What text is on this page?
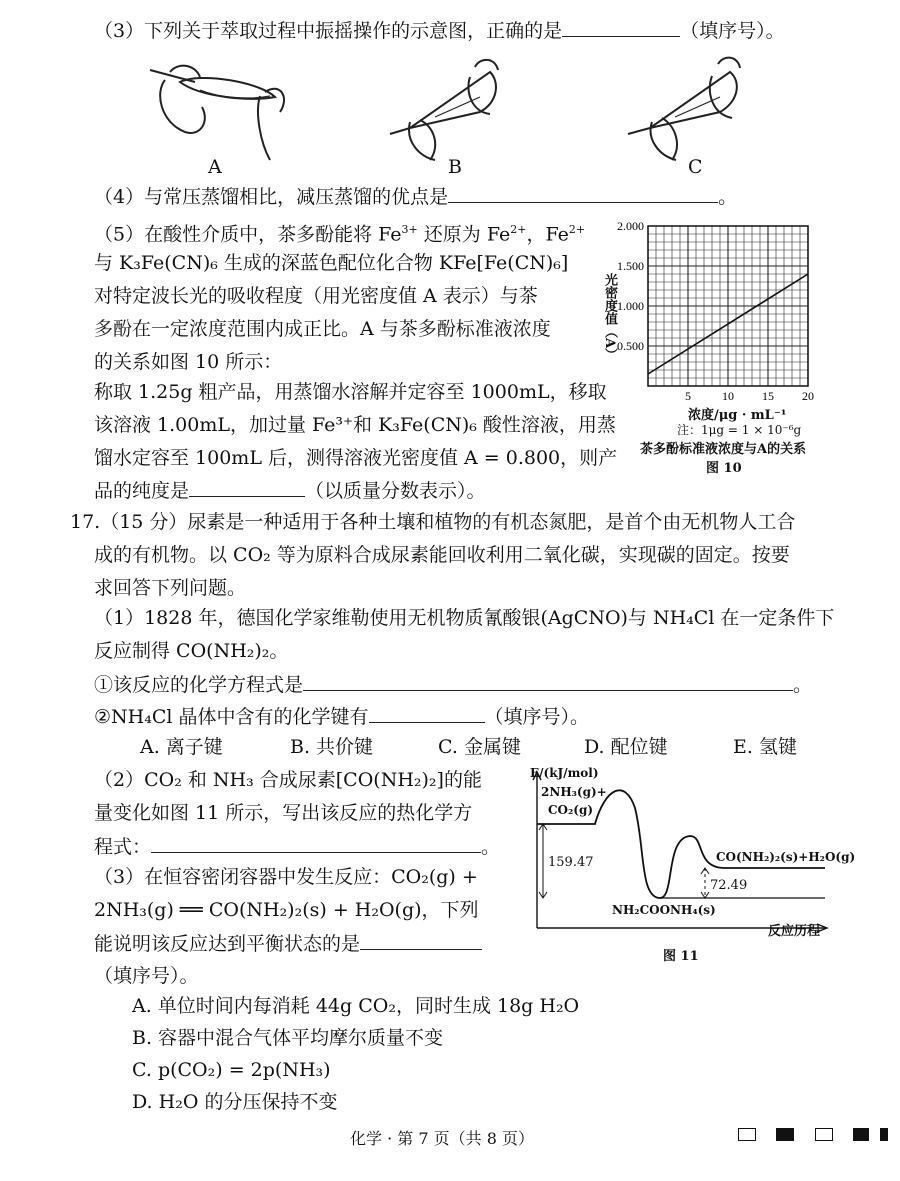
（3）下列关于萃取过程中振摇操作的示意图，正确的是	（填序号）。
A	B	C
（4）与常压蒸馏相比，减压蒸馏的优点是	。
（5）在酸性介质中，茶多酚能将 $Fe^{3+}$ 还原为 $Fe^{2+}$，$Fe^{2+}$
与 K₃Fe(CN)₆ 生成的深蓝色配位化合物 KFe[Fe(CN)₆]
对特定波长光的吸收程度（用光密度值 A 表示）与茶
多酚在一定浓度范围内成正比。A 与茶多酚标准液浓度
的关系如图 10 所示：
称取 1.25g 粗产品，用蒸馏水溶解并定容至 1000mL，移取
该溶液 1.00mL，加过量 Fe³⁺和 K₃Fe(CN)₆ 酸性溶液，用蒸
馏水定容至 100mL 后，测得溶液光密度值 A = 0.800，则产
品的纯度是	（以质量分数表示）。
0.500
1.000
1.500
2.000
5	10 15 20
光密度值（A）
浓度/μg · mL⁻¹
注：1μg = 1 × 10⁻⁶g
茶多酚标准液浓度与A的关系
图 10
17.（15 分）尿素是一种适用于各种土壤和植物的有机态氮肥，是首个由无机物人工合
成的有机物。以 CO₂ 等为原料合成尿素能回收利用二氧化碳，实现碳的固定。按要
求回答下列问题。
（1）1828 年，德国化学家维勒使用无机物质氰酸银(AgCNO)与 NH₄Cl 在一定条件下
反应制得 CO(NH₂)₂。
①该反应的化学方程式是	。
②NH₄Cl 晶体中含有的化学键有	（填序号）。
A. 离子键	B. 共价键	C. 金属键	D. 配位键	E. 氢键
（2）CO₂ 和 NH₃ 合成尿素[CO(NH₂)₂]的能
量变化如图 11 所示，写出该反应的热化学方
程式：	。
（3）在恒容密闭容器中发生反应：CO₂(g) +
2NH₃(g) ══ CO(NH₂)₂(s) + H₂O(g)，下列
能说明该反应达到平衡状态的是
（填序号）。
A. 单位时间内每消耗 44g CO₂，同时生成 18g H₂O
B. 容器中混合气体平均摩尔质量不变
C. p(CO₂) = 2p(NH₃)
D. H₂O 的分压保持不变
E/(kJ/mol)
2NH₃(g)+
CO₂(g)
159.47	CO(NH₂)₂(s)+H₂O(g)
72.49
NH₂COONH₄(s)
反应历程
图 11
化学 · 第 7 页（共 8 页）
